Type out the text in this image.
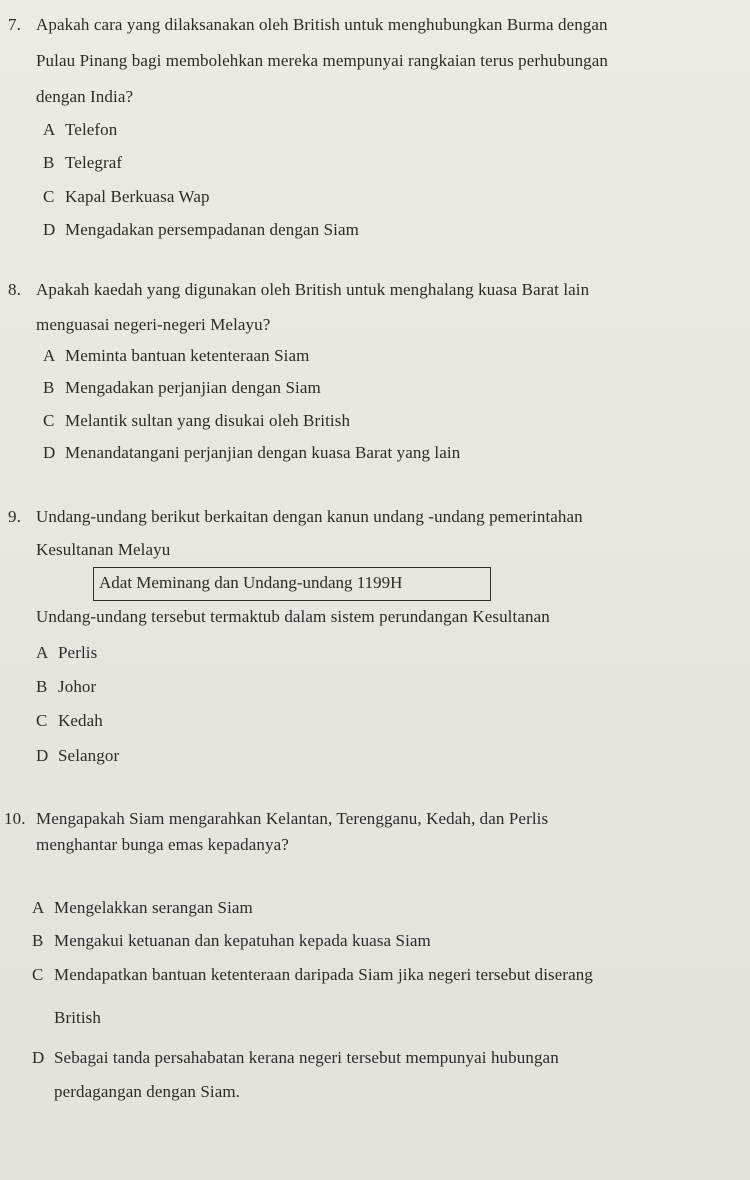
7. Apakah cara yang dilaksanakan oleh British untuk menghubungkan Burma dengan
Pulau Pinang bagi membolehkan mereka mempunyai rangkaian terus perhubungan
dengan India?
A Telefon
B Telegraf
C Kapal Berkuasa Wap
D Mengadakan persempadanan dengan Siam
8. Apakah kaedah yang digunakan oleh British untuk menghalang kuasa Barat lain
menguasai negeri-negeri Melayu?
A Meminta bantuan ketenteraan Siam
B Mengadakan perjanjian dengan Siam
C Melantik sultan yang disukai oleh British
D Menandatangani perjanjian dengan kuasa Barat yang lain
9. Undang-undang berikut berkaitan dengan kanun undang -undang pemerintahan
Kesultanan Melayu
Adat Meminang dan Undang-undang 1199H
Undang-undang tersebut termaktub dalam sistem perundangan Kesultanan
A Perlis
B Johor
C Kedah
D Selangor
10. Mengapakah Siam mengarahkan Kelantan, Terengganu, Kedah, dan Perlis
menghantar bunga emas kepadanya?
A Mengelakkan serangan Siam
B Mengakui ketuanan dan kepatuhan kepada kuasa Siam
C Mendapatkan bantuan ketenteraan daripada Siam jika negeri tersebut diserang
British
D Sebagai tanda persahabatan kerana negeri tersebut mempunyai hubungan
perdagangan dengan Siam.
